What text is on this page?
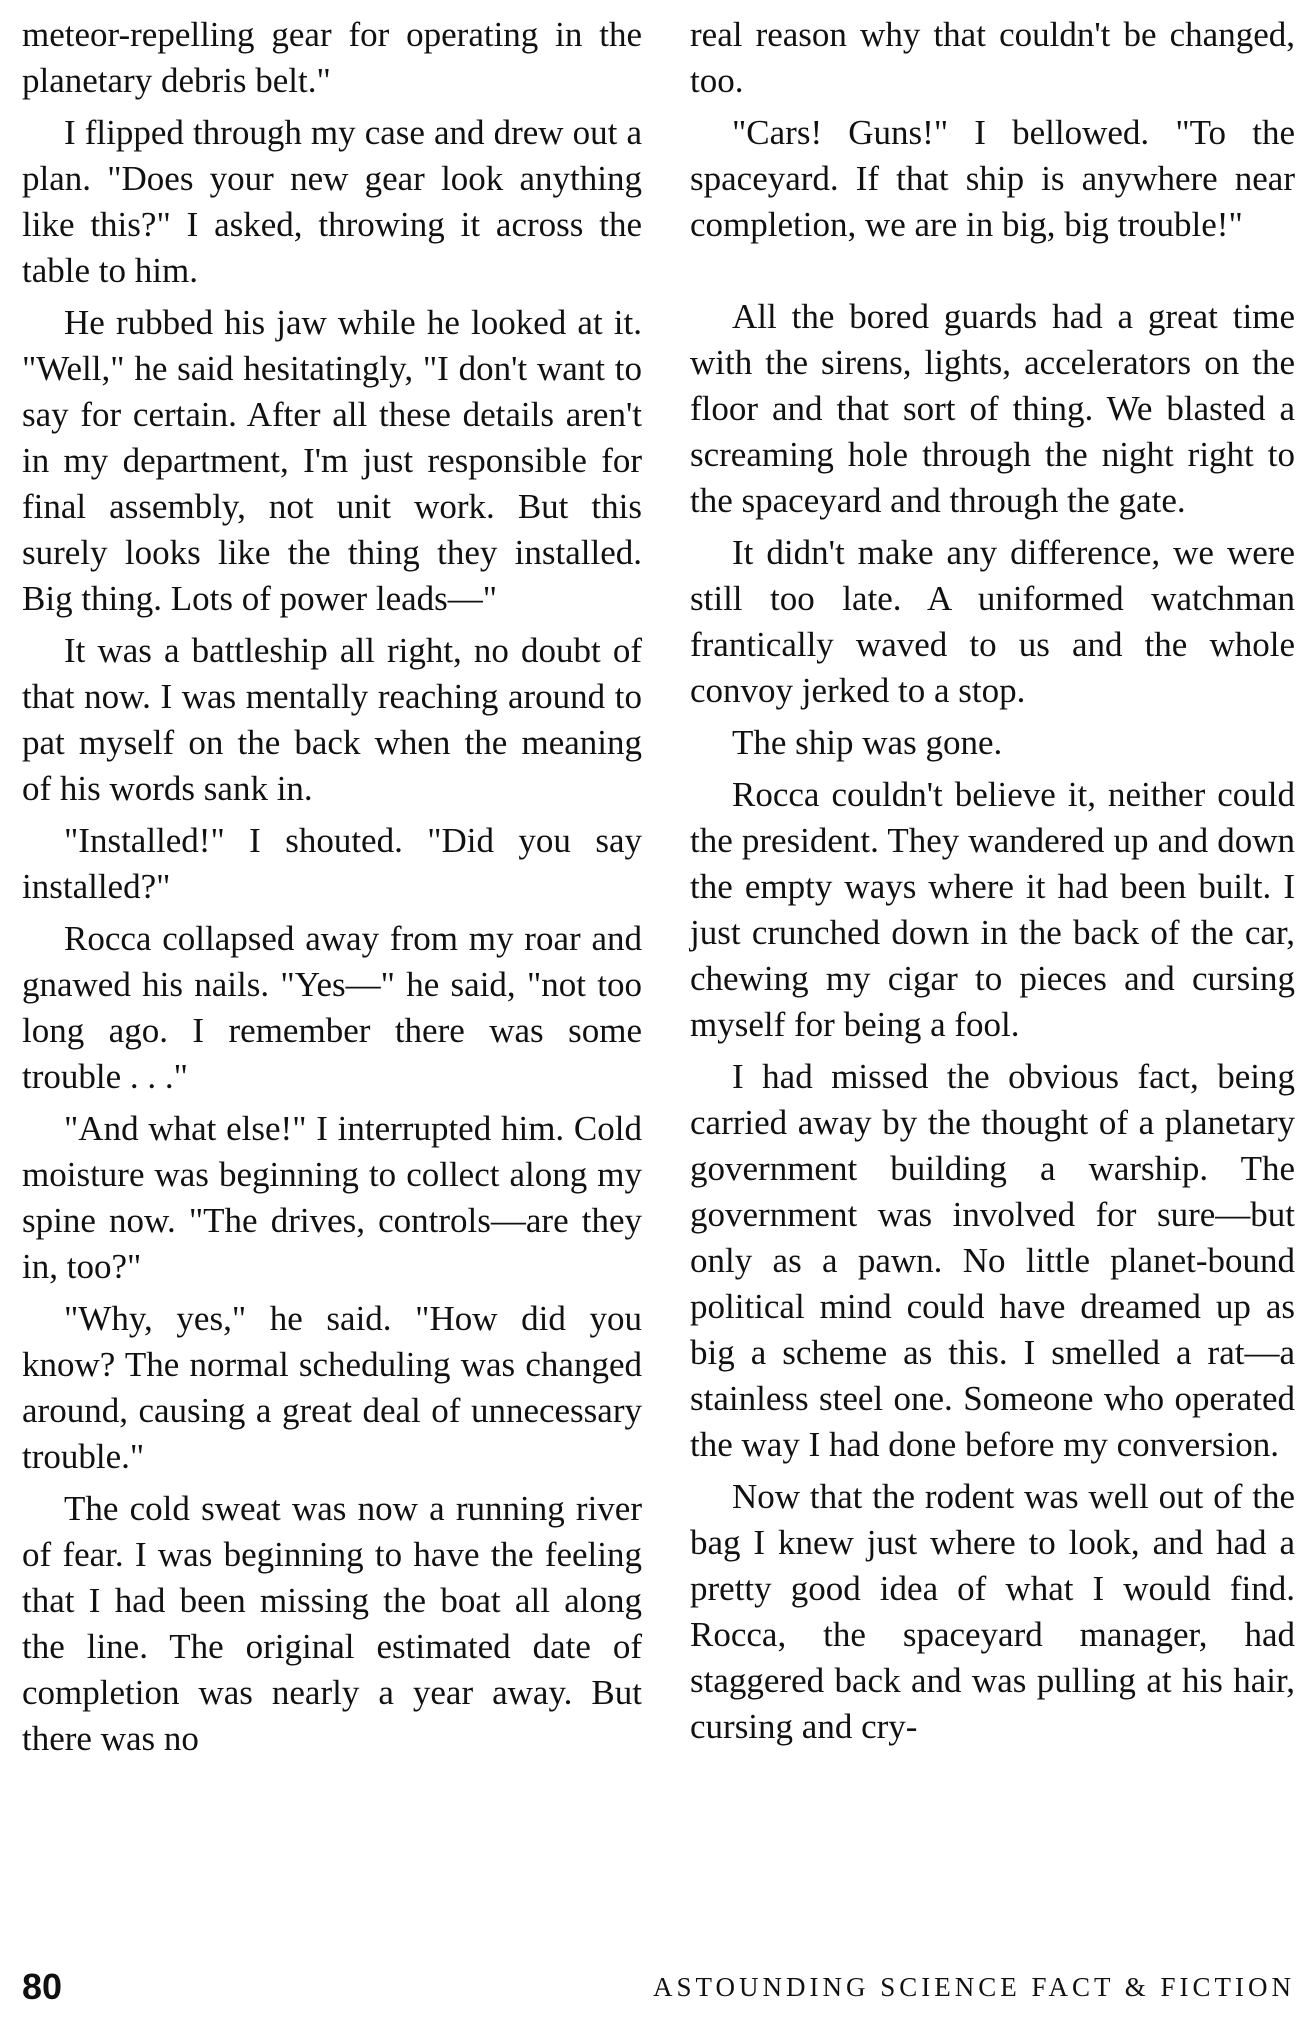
meteor-repelling gear for operating in the planetary debris belt."

I flipped through my case and drew out a plan. "Does your new gear look anything like this?" I asked, throwing it across the table to him.

He rubbed his jaw while he looked at it. "Well," he said hesitatingly, "I don't want to say for certain. After all these details aren't in my department, I'm just responsible for final assembly, not unit work. But this surely looks like the thing they installed. Big thing. Lots of power leads—"

It was a battleship all right, no doubt of that now. I was mentally reaching around to pat myself on the back when the meaning of his words sank in.

"Installed!" I shouted. "Did you say installed?"

Rocca collapsed away from my roar and gnawed his nails. "Yes—" he said, "not too long ago. I remember there was some trouble . . ."

"And what else!" I interrupted him. Cold moisture was beginning to collect along my spine now. "The drives, controls—are they in, too?"

"Why, yes," he said. "How did you know? The normal scheduling was changed around, causing a great deal of unnecessary trouble."

The cold sweat was now a running river of fear. I was beginning to have the feeling that I had been missing the boat all along the line. The original estimated date of completion was nearly a year away. But there was no

real reason why that couldn't be changed, too.

"Cars! Guns!" I bellowed. "To the spaceyard. If that ship is anywhere near completion, we are in big, big trouble!"

All the bored guards had a great time with the sirens, lights, accelerators on the floor and that sort of thing. We blasted a screaming hole through the night right to the spaceyard and through the gate.

It didn't make any difference, we were still too late. A uniformed watchman frantically waved to us and the whole convoy jerked to a stop.

The ship was gone.

Rocca couldn't believe it, neither could the president. They wandered up and down the empty ways where it had been built. I just crunched down in the back of the car, chewing my cigar to pieces and cursing myself for being a fool.

I had missed the obvious fact, being carried away by the thought of a planetary government building a warship. The government was involved for sure—but only as a pawn. No little planet-bound political mind could have dreamed up as big a scheme as this. I smelled a rat—a stainless steel one. Someone who operated the way I had done before my conversion.

Now that the rodent was well out of the bag I knew just where to look, and had a pretty good idea of what I would find. Rocca, the spaceyard manager, had staggered back and was pulling at his hair, cursing and cry-

80	ASTOUNDING SCIENCE FACT & FICTION
